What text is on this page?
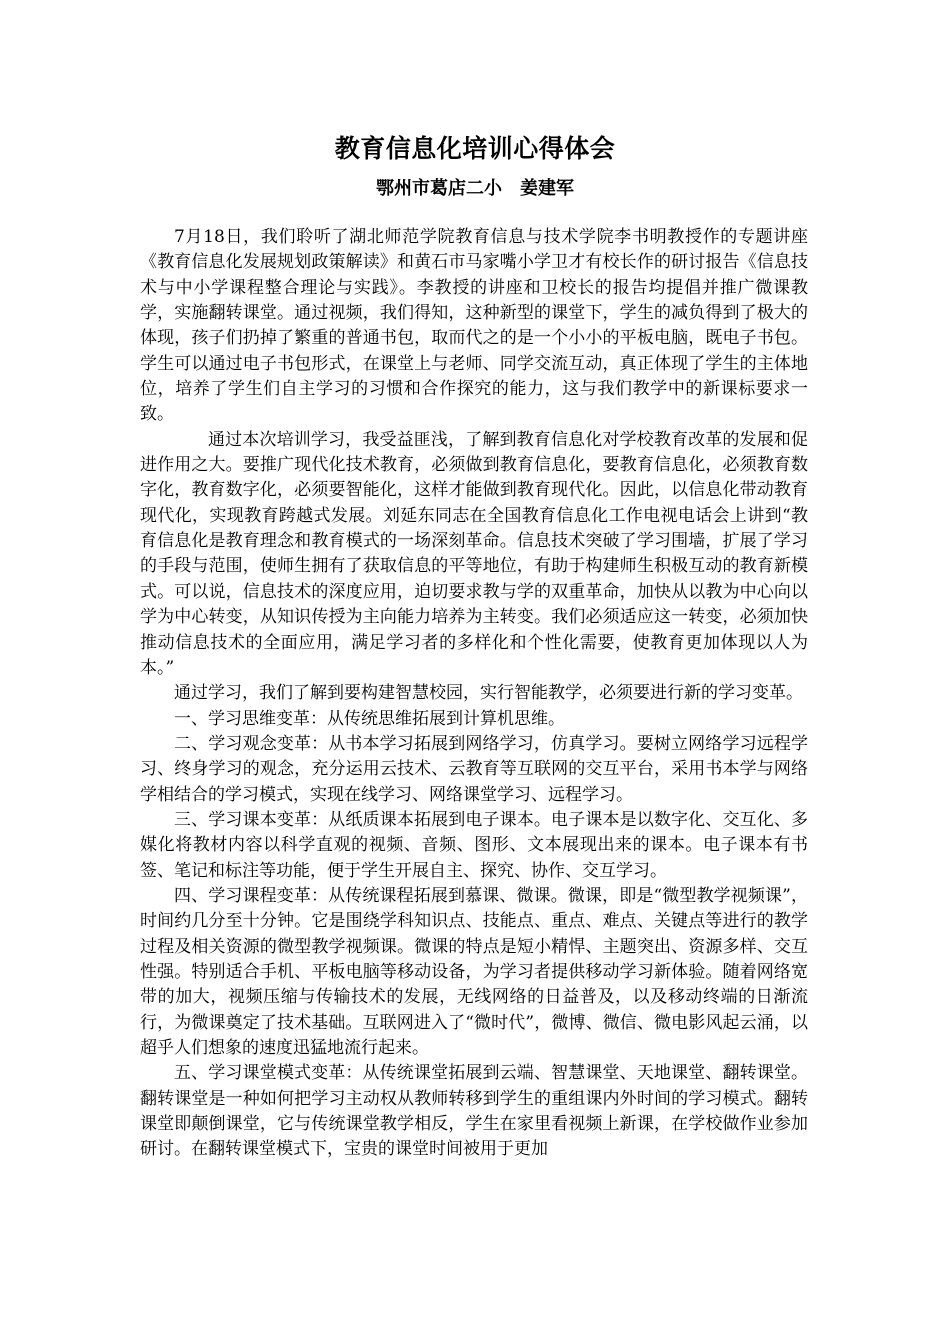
教育信息化培训心得体会
鄂州市葛店二小　姜建军

7月18日，我们聆听了湖北师范学院教育信息与技术学院李书明教授作的专题讲座《教育信息化发展规划政策解读》和黄石市马家嘴小学卫才有校长作的研讨报告《信息技术与中小学课程整合理论与实践》。李教授的讲座和卫校长的报告均提倡并推广微课教学，实施翻转课堂。通过视频，我们得知，这种新型的课堂下，学生的减负得到了极大的体现，孩子们扔掉了繁重的普通书包，取而代之的是一个小小的平板电脑，既电子书包。学生可以通过电子书包形式，在课堂上与老师、同学交流互动，真正体现了学生的主体地位，培养了学生们自主学习的习惯和合作探究的能力，这与我们教学中的新课标要求一致。

通过本次培训学习，我受益匪浅，了解到教育信息化对学校教育改革的发展和促进作用之大。要推广现代化技术教育，必须做到教育信息化，要教育信息化，必须教育数字化，教育数字化，必须要智能化，这样才能做到教育现代化。因此，以信息化带动教育现代化，实现教育跨越式发展。刘延东同志在全国教育信息化工作电视电话会上讲到“教育信息化是教育理念和教育模式的一场深刻革命。信息技术突破了学习围墙，扩展了学习的手段与范围，使师生拥有了获取信息的平等地位，有助于构建师生积极互动的教育新模式。可以说，信息技术的深度应用，迫切要求教与学的双重革命，加快从以教为中心向以学为中心转变，从知识传授为主向能力培养为主转变。我们必须适应这一转变，必须加快推动信息技术的全面应用，满足学习者的多样化和个性化需要，使教育更加体现以人为本。”

通过学习，我们了解到要构建智慧校园，实行智能教学，必须要进行新的学习变革。

一、学习思维变革：从传统思维拓展到计算机思维。

二、学习观念变革：从书本学习拓展到网络学习，仿真学习。要树立网络学习远程学习、终身学习的观念，充分运用云技术、云教育等互联网的交互平台，采用书本学与网络学相结合的学习模式，实现在线学习、网络课堂学习、远程学习。

三、学习课本变革：从纸质课本拓展到电子课本。电子课本是以数字化、交互化、多媒化将教材内容以科学直观的视频、音频、图形、文本展现出来的课本。电子课本有书签、笔记和标注等功能，便于学生开展自主、探究、协作、交互学习。

四、学习课程变革：从传统课程拓展到慕课、微课。微课，即是“微型教学视频课”，时间约几分至十分钟。它是围绕学科知识点、技能点、重点、难点、关键点等进行的教学过程及相关资源的微型教学视频课。微课的特点是短小精悍、主题突出、资源多样、交互性强。特别适合手机、平板电脑等移动设备，为学习者提供移动学习新体验。随着网络宽带的加大，视频压缩与传输技术的发展，无线网络的日益普及，以及移动终端的日渐流行，为微课奠定了技术基础。互联网进入了“微时代”，微博、微信、微电影风起云涌，以超乎人们想象的速度迅猛地流行起来。

五、学习课堂模式变革：从传统课堂拓展到云端、智慧课堂、天地课堂、翻转课堂。翻转课堂是一种如何把学习主动权从教师转移到学生的重组课内外时间的学习模式。翻转课堂即颠倒课堂，它与传统课堂教学相反，学生在家里看视频上新课，在学校做作业参加研讨。在翻转课堂模式下，宝贵的课堂时间被用于更加
